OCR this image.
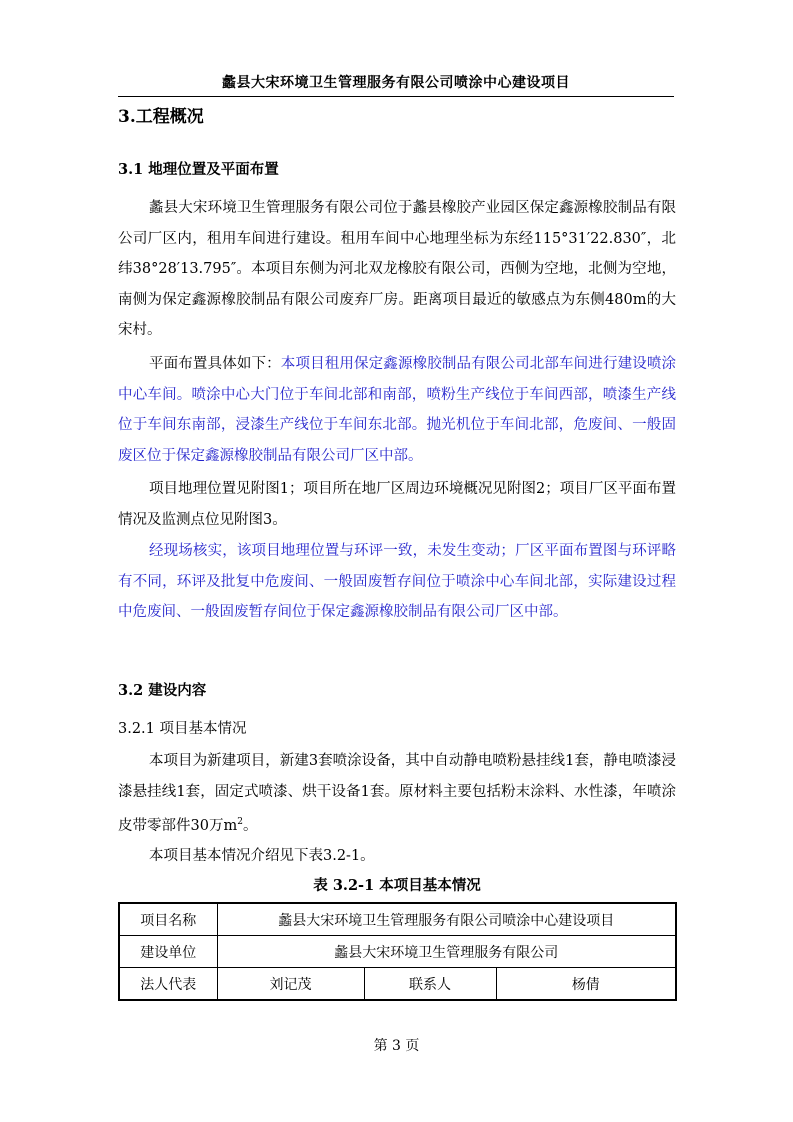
蠡县大宋环境卫生管理服务有限公司喷涂中心建设项目
3.工程概况
3.1 地理位置及平面布置

蠡县大宋环境卫生管理服务有限公司位于蠡县橡胶产业园区保定鑫源橡胶制品有限公司厂区内，租用车间进行建设。租用车间中心地理坐标为东经115°31′22.830″，北纬38°28′13.795″。本项目东侧为河北双龙橡胶有限公司，西侧为空地，北侧为空地，南侧为保定鑫源橡胶制品有限公司废弃厂房。距离项目最近的敏感点为东侧480m的大宋村。

平面布置具体如下：本项目租用保定鑫源橡胶制品有限公司北部车间进行建设喷涂中心车间。喷涂中心大门位于车间北部和南部，喷粉生产线位于车间西部，喷漆生产线位于车间东南部，浸漆生产线位于车间东北部。抛光机位于车间北部，危废间、一般固废区位于保定鑫源橡胶制品有限公司厂区中部。

项目地理位置见附图1；项目所在地厂区周边环境概况见附图2；项目厂区平面布置情况及监测点位见附图3。

经现场核实，该项目地理位置与环评一致，未发生变动；厂区平面布置图与环评略有不同，环评及批复中危废间、一般固废暂存间位于喷涂中心车间北部，实际建设过程中危废间、一般固废暂存间位于保定鑫源橡胶制品有限公司厂区中部。

3.2 建设内容
3.2.1 项目基本情况

本项目为新建项目，新建3套喷涂设备，其中自动静电喷粉悬挂线1套，静电喷漆浸漆悬挂线1套，固定式喷漆、烘干设备1套。原材料主要包括粉末涂料、水性漆，年喷涂皮带零部件30万$m^2$。

本项目基本情况介绍见下表3.2-1。

表 3.2-1 本项目基本情况
项目名称	蠡县大宋环境卫生管理服务有限公司喷涂中心建设项目		
建设单位	蠡县大宋环境卫生管理服务有限公司		
法人代表	刘记茂	联系人	杨倩
第 3 页
